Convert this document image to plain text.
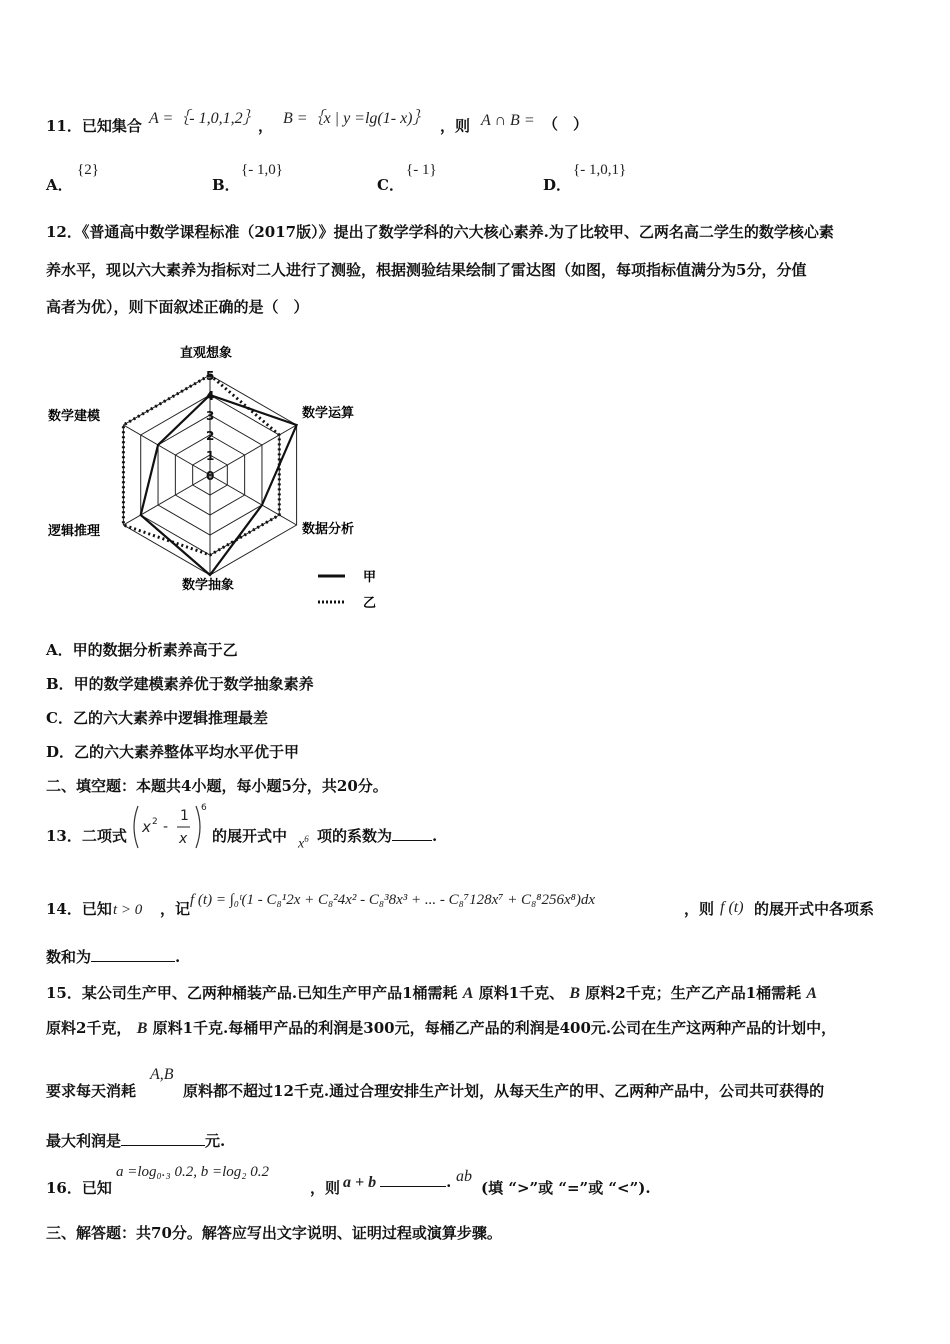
11．已知集合 A =｛- 1,0,1,2｝ ， B =｛x | y =lg(1- x)｝ ，则 A ∩ B = （　）
A．
{2}
B．
{- 1,0}
C．
{- 1}
D．
{- 1,0,1}
12．《普通高中数学课程标准（2017版）》提出了数学学科的六大核心素养.为了比较甲、乙两名高二学生的数学核心素
养水平，现以六大素养为指标对二人进行了测验，根据测验结果绘制了雷达图（如图，每项指标值满分为5分，分值
高者为优），则下面叙述正确的是（　）
0
1
2
3
4
5
直观想象
数学运算
数据分析
数学抽象
逻辑推理
数学建模
甲
乙
A．甲的数据分析素养高于乙
B．甲的数学建模素养优于数学抽象素养
C．乙的六大素养中逻辑推理最差
D．乙的六大素养整体平均水平优于甲
二、填空题：本题共4小题，每小题5分，共20分。
13．二项式 x 2 -
1
x
6
的展开式中 $x^6$ 项的系数为	.
14．已知 t > 0 ，记 f (t) = ∫₀ᵗ(1 - C₈¹2x + C₈²4x² - C₈³8x³ + ... - C₈⁷128x⁷ + C₈⁸256x⁸)dx	，则 f (t) 的展开式中各项系
数和为	.
15．某公司生产甲、乙两种桶装产品.已知生产甲产品1桶需耗 A 原料1千克、 B 原料2千克；生产乙产品1桶需耗 A
原料2千克， B 原料1千克.每桶甲产品的利润是300元，每桶乙产品的利润是400元.公司在生产这两种产品的计划中，
要求每天消耗
A,B
原料都不超过12千克.通过合理安排生产计划，从每天生产的甲、乙两种产品中，公司共可获得的
最大利润是	元.
16．已知
a =log₀.₃ 0.2, b =log₂ 0.2
，则 a + b	. ab
(填 “>”或 “=”或 “<”).
三、解答题：共70分。解答应写出文字说明、证明过程或演算步骤。
